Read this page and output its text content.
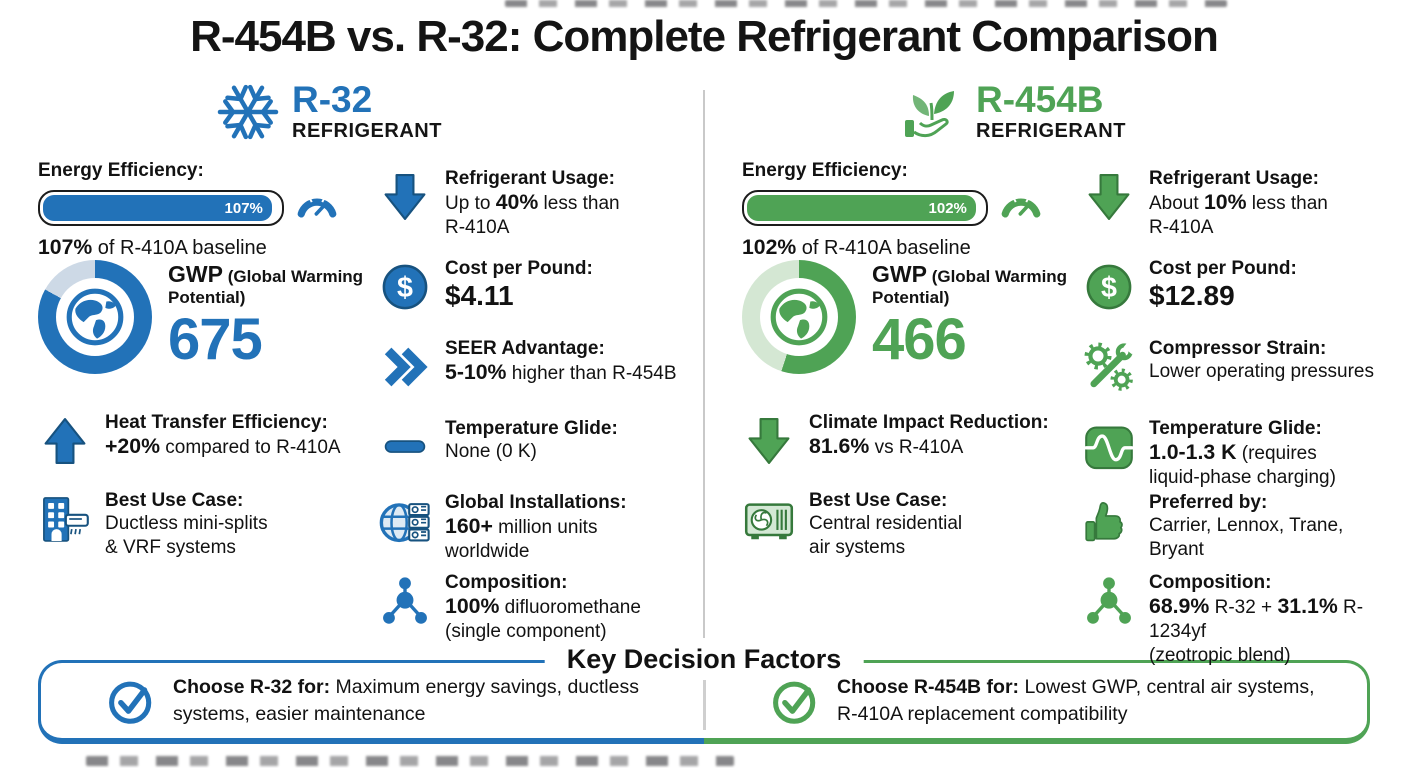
R-454B vs. R-32: Complete Refrigerant Comparison
R-32
REFRIGERANT
R-454B
REFRIGERANT
Energy Efficiency:
107%
107% of R-410A baseline
Energy Efficiency:
102%
102% of R-410A baseline
GWP (Global Warming Potential)
675
GWP (Global Warming Potential)
466
Key Decision Factors
Choose R-32 for: Maximum energy savings, ductless
systems, easier maintenance
Choose R-454B for: Lowest GWP, central air systems,
R-410A replacement compatibility
Heat Transfer Efficiency:
+20% compared to R-410A
Best Use Case:
Ductless mini-splits
& VRF systems
Refrigerant Usage:
Up to 40% less than
R-410A
$
Cost per Pound:
$4.11
SEER Advantage:
5-10% higher than R-454B
Temperature Glide:
None (0 K)
Global Installations:
160+ million units
worldwide
Composition:
100% difluoromethane
(single component)
Climate Impact Reduction:
81.6% vs R-410A
Best Use Case:
Central residential
air systems
Refrigerant Usage:
About 10% less than
R-410A
$
Cost per Pound:
$12.89
Compressor Strain:
Lower operating pressures
Temperature Glide:
1.0-1.3 K (requires
liquid-phase charging)
Preferred by:
Carrier, Lennox, Trane,
Bryant
Composition:
68.9% R-32 + 31.1% R-1234yf
(zeotropic blend)
